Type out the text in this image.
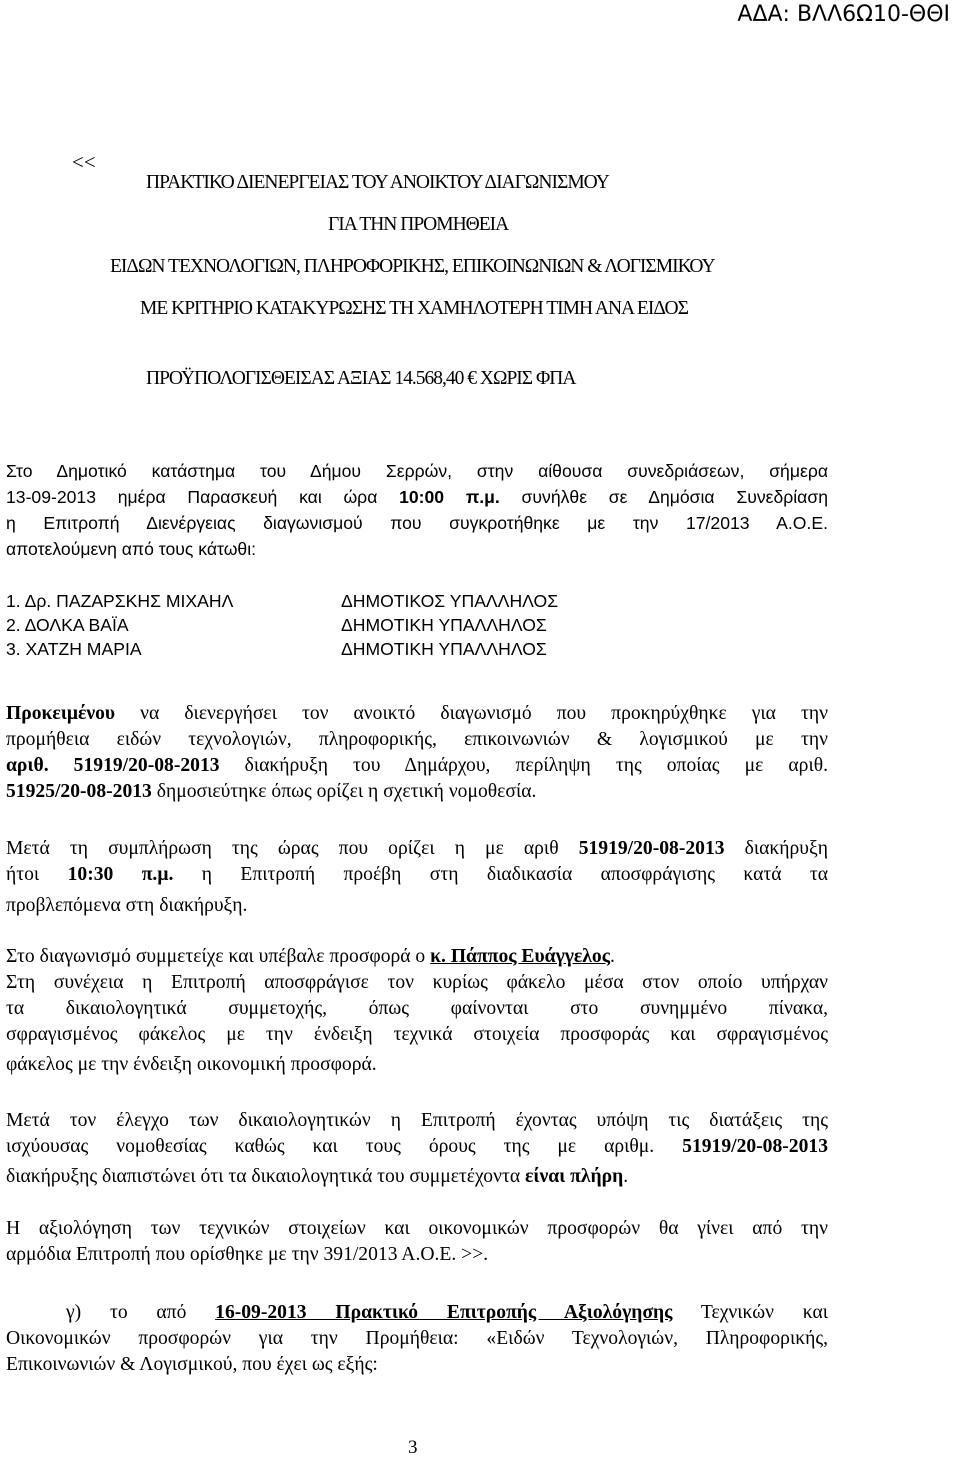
ΑΔΑ: ΒΛΛ6Ω10-ΘΘΙ
<<
ΠΡΑΚΤΙΚΟ ΔΙΕΝΕΡΓΕΙΑΣ ΤΟΥ ΑΝΟΙΚΤΟΥ ΔΙΑΓΩΝΙΣΜΟΥ
ΓΙΑ ΤΗΝ ΠΡΟΜΗΘΕΙΑ
ΕΙΔΩΝ ΤΕΧΝΟΛΟΓΙΩΝ, ΠΛΗΡΟΦΟΡΙΚΗΣ, ΕΠΙΚΟΙΝΩΝΙΩΝ & ΛΟΓΙΣΜΙΚΟΥ
ΜΕ ΚΡΙΤΗΡΙΟ ΚΑΤΑΚΥΡΩΣΗΣ ΤΗ ΧΑΜΗΛΟΤΕΡΗ ΤΙΜΗ ΑΝΑ ΕΙΔΟΣ
ΠΡΟΫΠΟΛΟΓΙΣΘΕΙΣΑΣ ΑΞΙΑΣ 14.568,40 € ΧΩΡΙΣ ΦΠΑ
Στο Δημοτικό κατάστημα του Δήμου Σερρών, στην αίθουσα συνεδριάσεων, σήμερα
13-09-2013 ημέρα Παρασκευή και ώρα 10:00 π.μ. συνήλθε σε Δημόσια Συνεδρίαση
η Επιτροπή Διενέργειας διαγωνισμού που συγκροτήθηκε με την 17/2013 Α.Ο.Ε.
αποτελούμενη από τους κάτωθι:
1. Δρ. ΠΑΖΑΡΣΚΗΣ ΜΙΧΑΗΛ	ΔΗΜΟΤΙΚΟΣ ΥΠΑΛΛΗΛΟΣ
2. ΔΟΛΚΑ ΒΑΪΑ	ΔΗΜΟΤΙΚΗ ΥΠΑΛΛΗΛΟΣ
3. ΧΑΤΖΗ ΜΑΡΙΑ	ΔΗΜΟΤΙΚΗ ΥΠΑΛΛΗΛΟΣ
Προκειμένου να διενεργήσει τον ανοικτό διαγωνισμό που προκηρύχθηκε για την
προμήθεια ειδών τεχνολογιών, πληροφορικής, επικοινωνιών & λογισμικού με την
αριθ. 51919/20-08-2013 διακήρυξη του Δημάρχου, περίληψη της οποίας με αριθ.
51925/20-08-2013 δημοσιεύτηκε όπως ορίζει η σχετική νομοθεσία.
Μετά τη συμπλήρωση της ώρας που ορίζει η με αριθ 51919/20-08-2013 διακήρυξη
ήτοι 10:30 π.μ. η Επιτροπή προέβη στη διαδικασία αποσφράγισης κατά τα
προβλεπόμενα στη διακήρυξη.
Στο διαγωνισμό συμμετείχε και υπέβαλε προσφορά ο κ. Πάππος Ευάγγελος.
Στη συνέχεια η Επιτροπή αποσφράγισε τον κυρίως φάκελο μέσα στον οποίο υπήρχαν
τα δικαιολογητικά συμμετοχής, όπως φαίνονται στο συνημμένο πίνακα,
σφραγισμένος φάκελος με την ένδειξη τεχνικά στοιχεία προσφοράς και σφραγισμένος
φάκελος με την ένδειξη οικονομική προσφορά.
Μετά τον έλεγχο των δικαιολογητικών η Επιτροπή έχοντας υπόψη τις διατάξεις της
ισχύουσας νομοθεσίας καθώς και τους όρους της με αριθμ. 51919/20-08-2013
διακήρυξης διαπιστώνει ότι τα δικαιολογητικά του συμμετέχοντα είναι πλήρη.
Η αξιολόγηση των τεχνικών στοιχείων και οικονομικών προσφορών θα γίνει από την
αρμόδια Επιτροπή που ορίσθηκε με την 391/2013 Α.Ο.Ε. >>.
γ) το από 16-09-2013 Πρακτικό Επιτροπής Αξιολόγησης Τεχνικών και
Οικονομικών προσφορών για την Προμήθεια: «Ειδών Τεχνολογιών, Πληροφορικής,
Επικοινωνιών & Λογισμικού, που έχει ως εξής:
3
